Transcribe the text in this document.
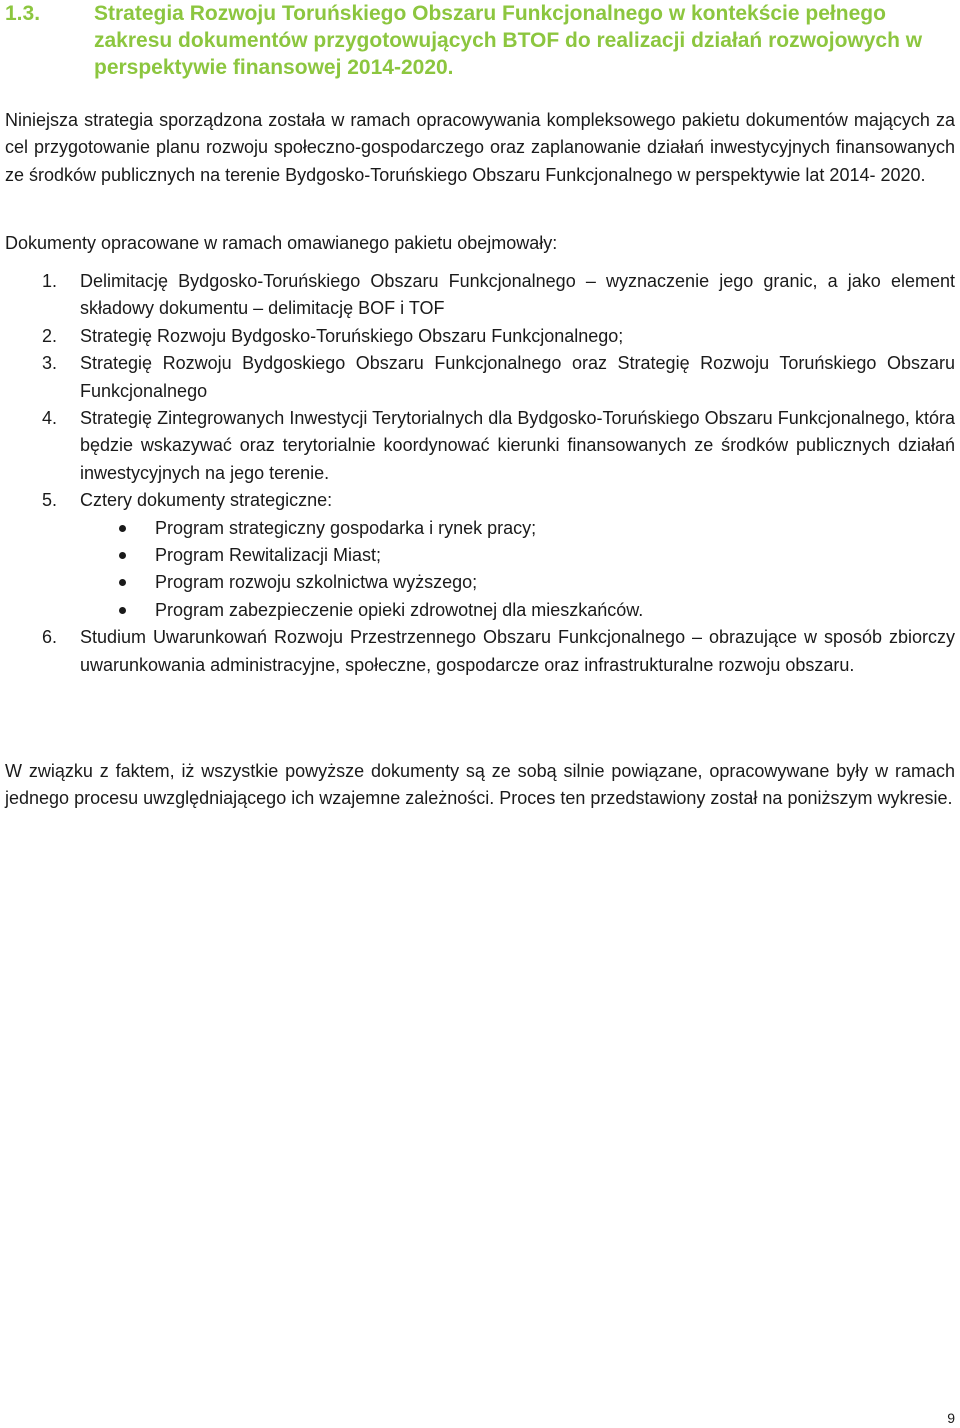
1.3.	Strategia Rozwoju Toruńskiego Obszaru Funkcjonalnego w kontekście pełnego zakresu dokumentów przygotowujących BTOF do realizacji działań rozwojowych w perspektywie finansowej 2014-2020.

Niniejsza strategia sporządzona została w ramach opracowywania kompleksowego pakietu dokumentów mających za cel przygotowanie planu rozwoju społeczno-gospodarczego oraz zaplanowanie działań inwestycyjnych finansowanych ze środków publicznych na terenie Bydgosko-Toruńskiego Obszaru Funkcjonalnego w perspektywie lat 2014- 2020.

Dokumenty opracowane w ramach omawianego pakietu obejmowały:

1. Delimitację Bydgosko-Toruńskiego Obszaru Funkcjonalnego – wyznaczenie jego granic, a jako element składowy dokumentu – delimitację BOF i TOF
2. Strategię Rozwoju Bydgosko-Toruńskiego Obszaru Funkcjonalnego;
3. Strategię Rozwoju Bydgoskiego Obszaru Funkcjonalnego oraz Strategię Rozwoju Toruńskiego Obszaru Funkcjonalnego
4. Strategię Zintegrowanych Inwestycji Terytorialnych dla Bydgosko-Toruńskiego Obszaru Funkcjonalnego, która będzie wskazywać oraz terytorialnie koordynować kierunki finansowanych ze środków publicznych działań inwestycyjnych na jego terenie.
5. Cztery dokumenty strategiczne:
Program strategiczny gospodarka i rynek pracy;
Program Rewitalizacji Miast;
Program rozwoju szkolnictwa wyższego;
Program zabezpieczenie opieki zdrowotnej dla mieszkańców.
6. Studium Uwarunkowań Rozwoju Przestrzennego Obszaru Funkcjonalnego – obrazujące w sposób zbiorczy uwarunkowania administracyjne, społeczne, gospodarcze oraz infrastrukturalne rozwoju obszaru.

W związku z faktem, iż wszystkie powyższe dokumenty są ze sobą silnie powiązane, opracowywane były w ramach jednego procesu uwzględniającego ich wzajemne zależności. Proces ten przedstawiony został na poniższym wykresie.

9
